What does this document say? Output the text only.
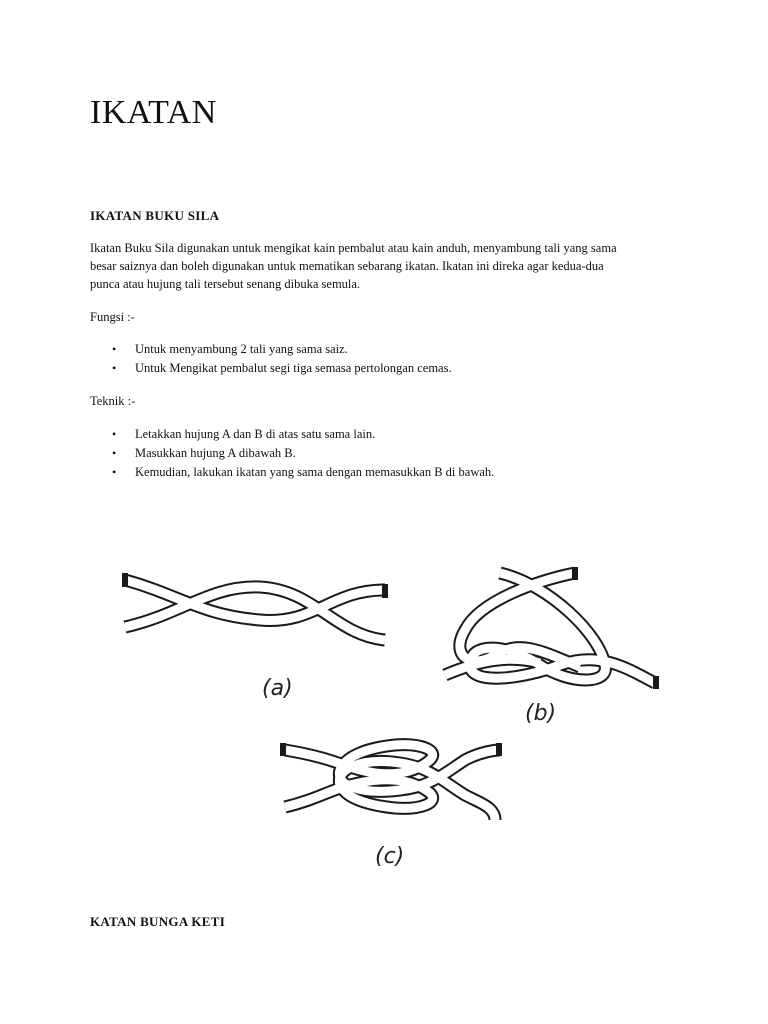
IKATAN
IKATAN BUKU SILA

Ikatan Buku Sila digunakan untuk mengikat kain pembalut atau kain anduh, menyambung tali yang sama

besar saiznya dan boleh digunakan untuk mematikan sebarang ikatan. Ikatan ini direka agar kedua-dua

punca atau hujung tali tersebut senang dibuka semula.

Fungsi :-

• Untuk menyambung 2 tali yang sama saiz.
• Untuk Mengikat pembalut segi tiga semasa pertolongan cemas.

Teknik :-

• Letakkan hujung A dan B di atas satu sama lain.
• Masukkan hujung A dibawah B.
• Kemudian, lakukan ikatan yang sama dengan memasukkan B di bawah.
(a)
(b)
(c)
KATAN BUNGA KETI
